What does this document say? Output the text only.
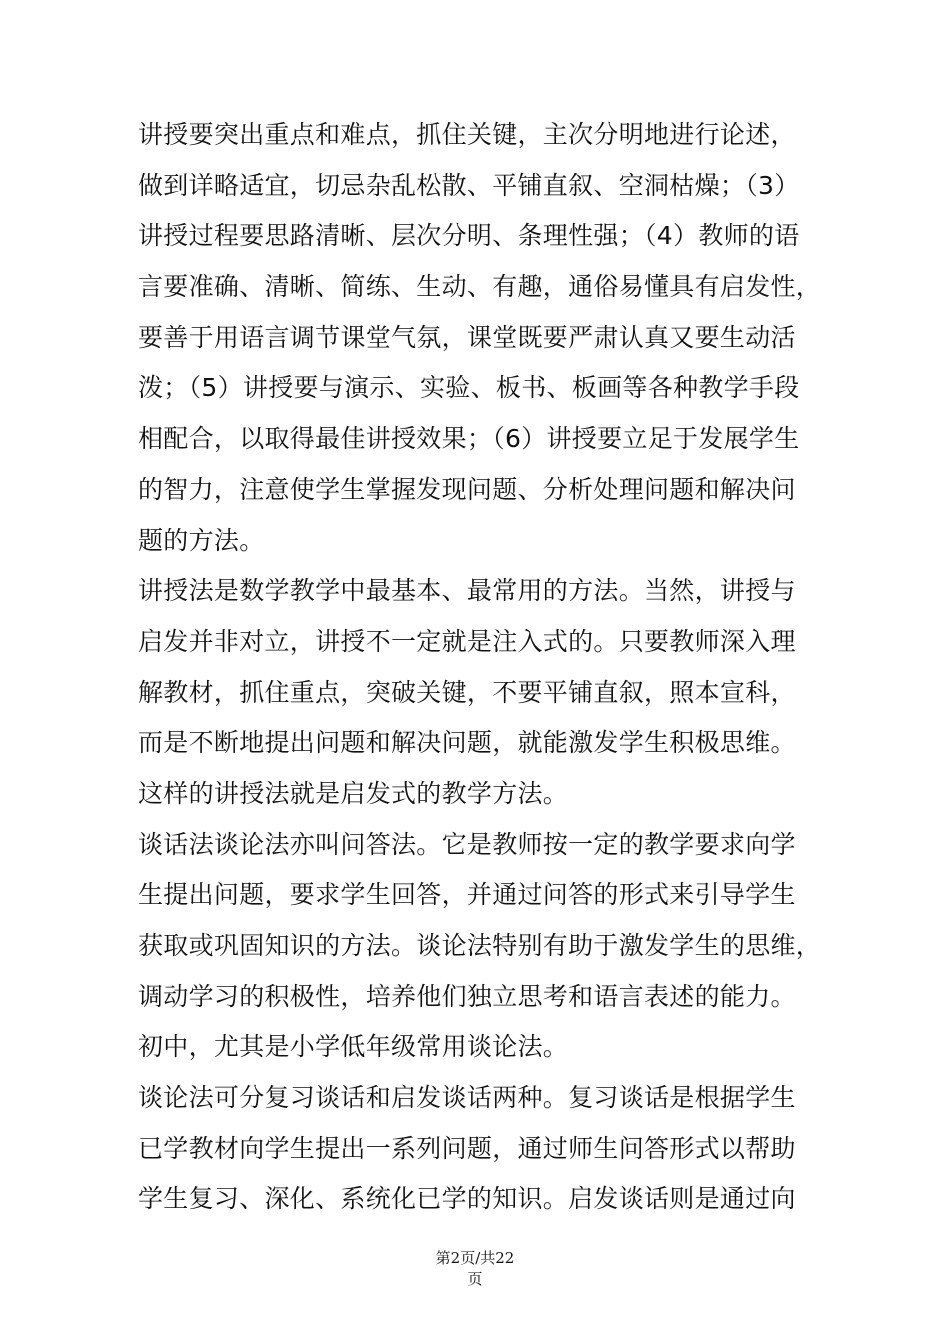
讲授要突出重点和难点，抓住关键，主次分明地进行论述，
做到详略适宜，切忌杂乱松散、平铺直叙、空洞枯燥；（3）
讲授过程要思路清晰、层次分明、条理性强；（4）教师的语
言要准确、清晰、简练、生动、有趣，通俗易懂具有启发性，
要善于用语言调节课堂气氛，课堂既要严肃认真又要生动活
泼；（5）讲授要与演示、实验、板书、板画等各种教学手段
相配合，以取得最佳讲授效果；（6）讲授要立足于发展学生
的智力，注意使学生掌握发现问题、分析处理问题和解决问
题的方法。
讲授法是数学教学中最基本、最常用的方法。当然，讲授与
启发并非对立，讲授不一定就是注入式的。只要教师深入理
解教材，抓住重点，突破关键，不要平铺直叙，照本宣科，
而是不断地提出问题和解决问题，就能激发学生积极思维。
这样的讲授法就是启发式的教学方法。
谈话法谈论法亦叫问答法。它是教师按一定的教学要求向学
生提出问题，要求学生回答，并通过问答的形式来引导学生
获取或巩固知识的方法。谈论法特别有助于激发学生的思维，
调动学习的积极性，培养他们独立思考和语言表述的能力。
初中，尤其是小学低年级常用谈论法。
谈论法可分复习谈话和启发谈话两种。复习谈话是根据学生
已学教材向学生提出一系列问题，通过师生问答形式以帮助
学生复习、深化、系统化已学的知识。启发谈话则是通过向
第2页/共22
页
